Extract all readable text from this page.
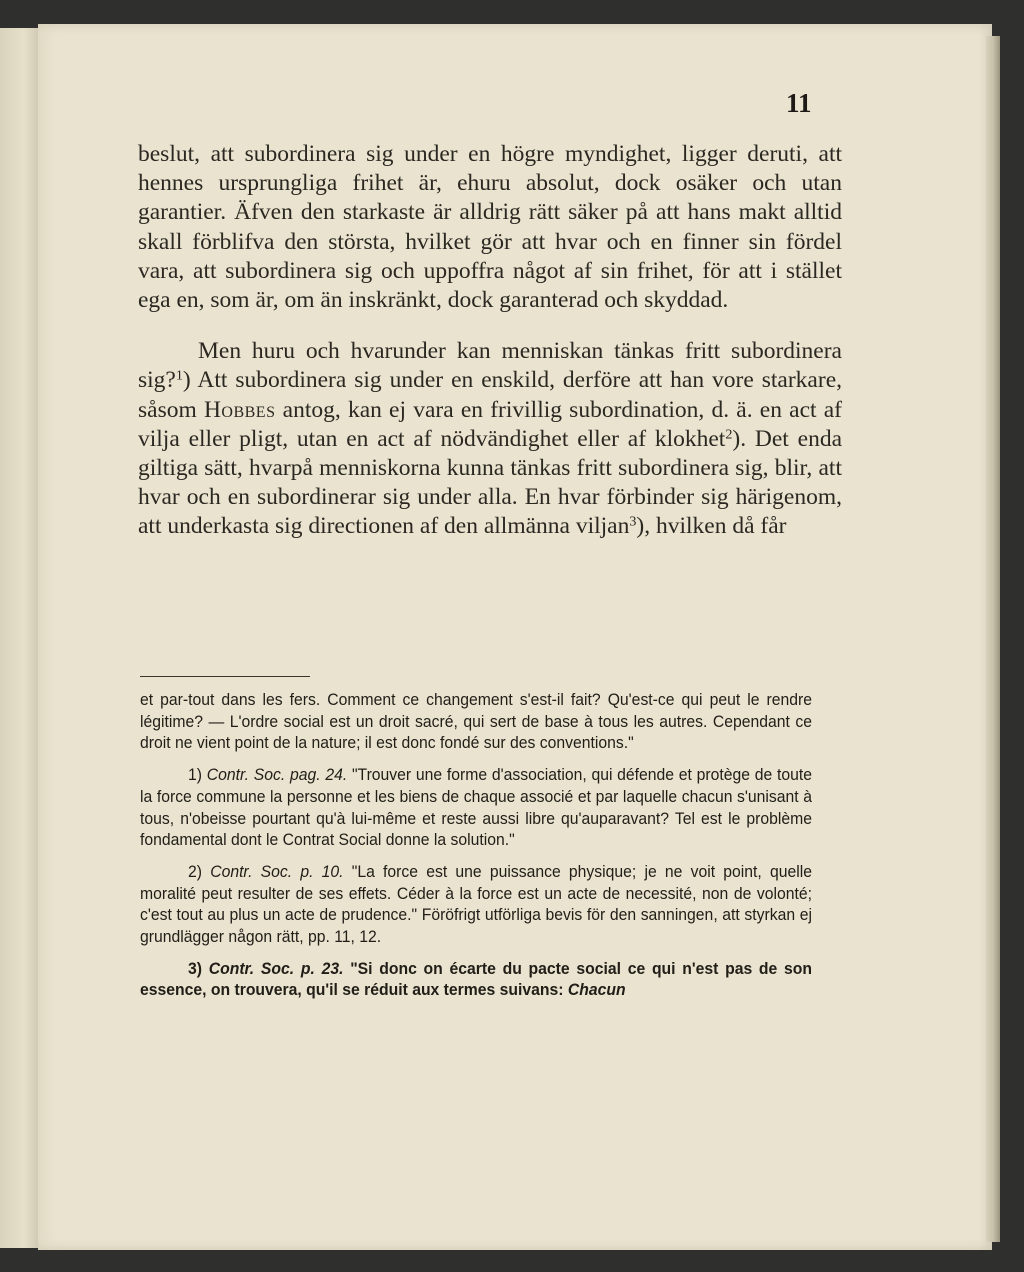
11

beslut, att subordinera sig under en högre myndighet, ligger deruti, att hennes ursprungliga frihet är, ehuru absolut, dock osäker och utan garantier. Äfven den starkaste är alldrig rätt säker på att hans makt alltid skall förblifva den största, hvilket gör att hvar och en finner sin fördel vara, att subordinera sig och uppoffra något af sin frihet, för att i stället ega en, som är, om än inskränkt, dock garanterad och skyddad.

Men huru och hvarunder kan menniskan tänkas fritt subordinera sig?$^1$) Att subordinera sig under en enskild, derföre att han vore starkare, såsom Hobbes antog, kan ej vara en frivillig subordination, d. ä. en act af vilja eller pligt, utan en act af nödvändighet eller af klokhet$^2$). Det enda giltiga sätt, hvarpå menniskorna kunna tänkas fritt subordinera sig, blir, att hvar och en subordinerar sig under alla. En hvar förbinder sig härigenom, att underkasta sig directionen af den allmänna viljan$^3$), hvilken då får

et par-tout dans les fers. Comment ce changement s'est-il fait? Qu'est-ce qui peut le rendre légitime? — L'ordre social est un droit sacré, qui sert de base à tous les autres. Cependant ce droit ne vient point de la nature; il est donc fondé sur des conventions."

1) Contr. Soc. pag. 24. "Trouver une forme d'association, qui défende et protège de toute la force commune la personne et les biens de chaque associé et par laquelle chacun s'unisant à tous, n'obeisse pourtant qu'à lui-même et reste aussi libre qu'auparavant? Tel est le problème fondamental dont le Contrat Social donne la solution."

2) Contr. Soc. p. 10. "La force est une puissance physique; je ne voit point, quelle moralité peut resulter de ses effets. Céder à la force est un acte de necessité, non de volonté; c'est tout au plus un acte de prudence." Föröfrigt utförliga bevis för den sanningen, att styrkan ej grundlägger någon rätt, pp. 11, 12.

3) Contr. Soc. p. 23. "Si donc on écarte du pacte social ce qui n'est pas de son essence, on trouvera, qu'il se réduit aux termes suivans: Chacun
